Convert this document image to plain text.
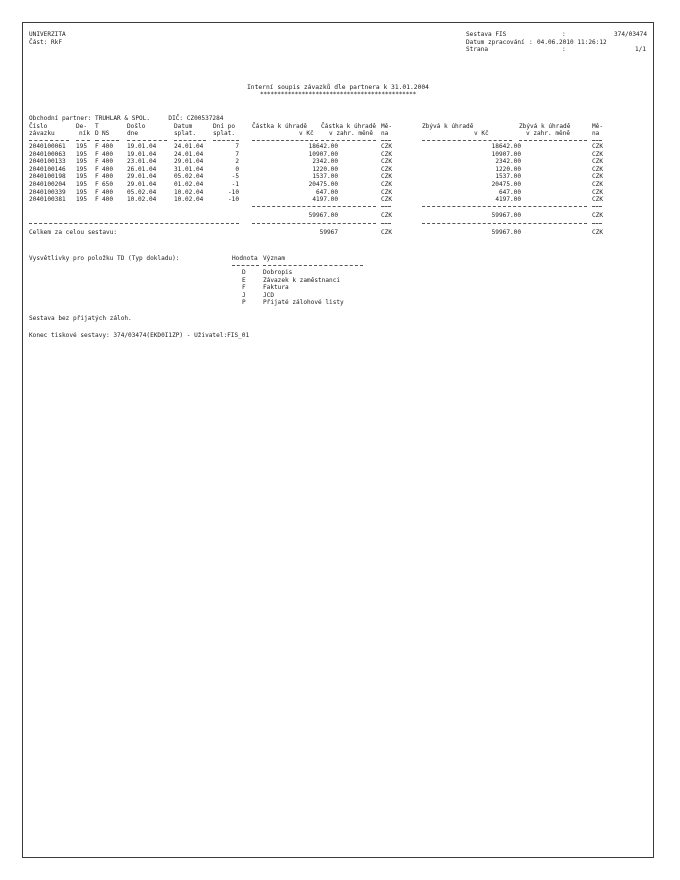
UNIVERZITA
Část: RkF
Sestava FIS	:	374/03474
Datum zpracování : 04.06.2010 11:26:12
Strana	:	1/1
Interní soupis závazků dle partnera k 31.01.2004
*********************************************
Obchodní partner: TRUHLAR & SPOL.     DIČ: CZ00537284
Číslo	De- T	Došlo	Datum	Dní po	Částka k úhradě Částka k úhradě Mě-	Zbývá k úhradě	Zbývá k úhradě	Mě-
závazku	ník D NS	dne	splat.	splat.	v Kč	v zahr. měně na	v Kč	v zahr. měně	na
2040100061 195 F 400 19.01.04	24.01.04	7	18642.00	CZK	18642.00	CZK
2040100063 195 F 400 19.01.04	24.01.04	7	10907.00	CZK	10907.00	CZK
2040100133 195 F 400 23.01.04	29.01.04	2	2342.00	CZK	2342.00	CZK
2040100146 195 F 400 26.01.04	31.01.04	0	1220.00	CZK	1220.00	CZK
2040100198 195 F 400 29.01.04	05.02.04	-5	1537.00	CZK	1537.00	CZK
2040100204 195 F 650 29.01.04	01.02.04	-1	20475.00	CZK	20475.00	CZK
2040100339 195 F 400 05.02.04	10.02.04	-10	647.00	CZK	647.00	CZK
2040100381 195 F 400 10.02.04	10.02.04	-10	4197.00	CZK	4197.00	CZK
59967.00	CZK	59967.00	CZK
Celkem za celou sestavu:	59967	CZK	59967.00	CZK
Vysvětlivky pro položku TD (Typ dokladu):	Hodnota Význam
D	Dobropis
E	Závazek k zaměstnanci
F	Faktura
J	JCD
P	Přijaté zálohové listy
Sestava bez přijatých záloh.
Konec tiskové sestavy: 374/03474(EKD0I1ZP) - Uživatel:FIS_01
